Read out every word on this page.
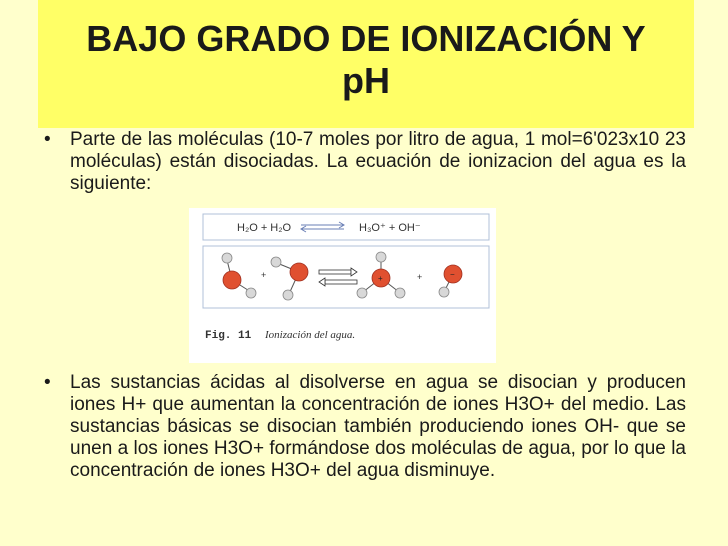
BAJO GRADO DE IONIZACIÓN Y
pH
•	Parte de las moléculas (10-7 moles por litro de agua, 1 mol=6'023x10 23 moléculas) están disociadas. La ecuación de ionizacion del agua es la siguiente:
H₂O + H₂O	H₃O⁺ + OH⁻
+	+	+	−
Fig. 11 Ionización del agua.
•	Las sustancias ácidas al disolverse en agua se disocian y producen iones H+ que aumentan la concentración de iones H3O+ del medio. Las sustancias básicas se disocian también produciendo iones OH- que se unen a los iones H3O+ formándose dos moléculas de agua, por lo que la concentración de iones H3O+ del agua disminuye.
